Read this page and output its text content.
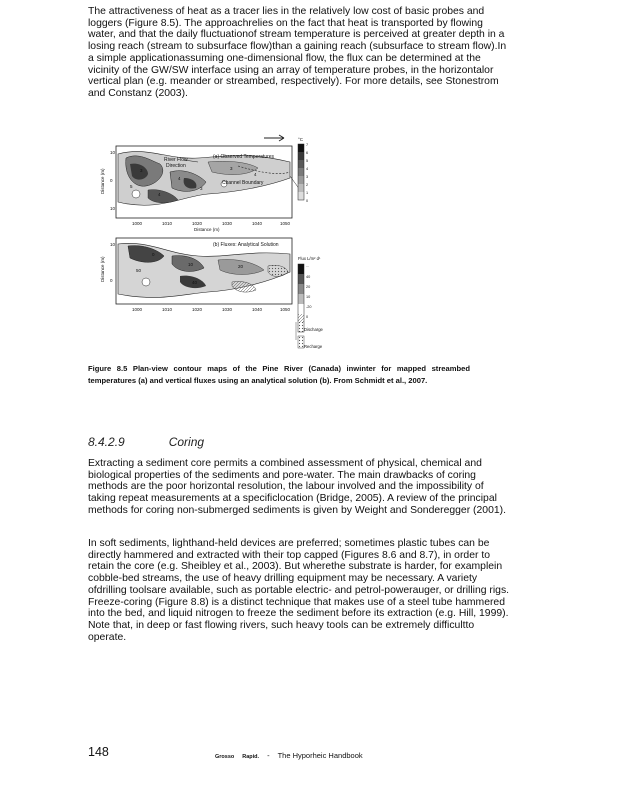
The attractiveness of heat as a tracer lies in the relatively low cost of basic probes and loggers (Figure 8.5). The approachrelies on the fact that heat is transported by flowing water, and that the daily fluctuationof stream temperature is perceived at greater depth in a losing reach (stream to subsurface flow)than a gaining reach (subsurface to stream flow).In a simple applicationassuming one-dimensional flow, the flux can be determined at the vicinity of the GW/SW interface using an array of temperature probes, in the horizontalor vertical plan (e.g. meander or streambed, respectively). For more details, see Stonestrom and Constanz (2003).

(a) Observed Temperatures
River Flow
Direction
Channel Boundary
3
4
3
3
4
4
5
1000	1010	1020	1030	1040	1050
10
0
10
Distance (m)
Distance (m)
°C
7
6
5
4
3
2
1
0
(b) Fluxes: Analytical Solution
0
10	20
40
50
1000	1010	1020	1030	1040	1050
10
0
Distance (m)	Flux L/m² d¹
...
40
20
10
-20
0
Discharge
Recharge

Figure 8.5 Plan-view contour maps of the Pine River (Canada) inwinter for mapped streambed temperatures (a) and vertical fluxes using an analytical solution (b). From Schmidt et al., 2007.

8.4.2.9	Coring

Extracting a sediment core permits a combined assessment of physical, chemical and biological properties of the sediments and pore-water. The main drawbacks of coring methods are the poor horizontal resolution, the labour involved and the impossibility of taking repeat measurements at a specificlocation (Bridge, 2005). A review of the principal methods for coring non-submerged sediments is given by Weight and Sonderegger (2001).

In soft sediments, lighthand-held devices are preferred; sometimes plastic tubes can be directly hammered and extracted with their top capped (Figures 8.6 and 8.7), in order to retain the core (e.g. Sheibley et al., 2003). But wherethe substrate is harder, for examplein cobble-bed streams, the use of heavy drilling equipment may be necessary. A variety ofdrilling toolsare available, such as portable electric- and petrol-powerauger, or drilling rigs. Freeze-coring (Figure 8.8) is a distinct technique that makes use of a steel tube hammered into the bed, and liquid nitrogen to freeze the sediment before its extraction (e.g. Hill, 1999). Note that, in deep or fast flowing rivers, such heavy tools can be extremely difficultto operate.

148	Grosso Rapid. - The Hyporheic Handbook
